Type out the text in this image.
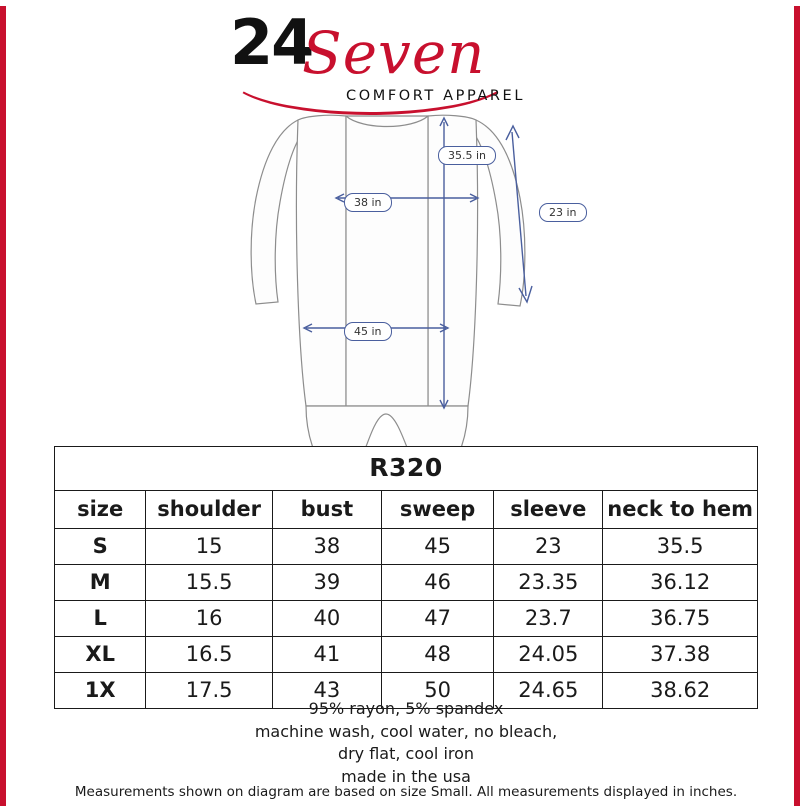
24
Seven
COMFORT APPAREL
35.5 in
38 in
23 in
45 in
R320					
size	shoulder	bust	sweep	sleeve	neck to hem
S	15	38	45	23	35.5
M	15.5	39	46	23.35	36.12
L	16	40	47	23.7	36.75
XL	16.5	41	48	24.05	37.38
1X	17.5	43	50	24.65	38.62
95% rayon, 5% spandex
machine wash, cool water, no bleach,
dry flat, cool iron
made in the usa
Measurements shown on diagram are based on size Small. All measurements displayed in inches.
